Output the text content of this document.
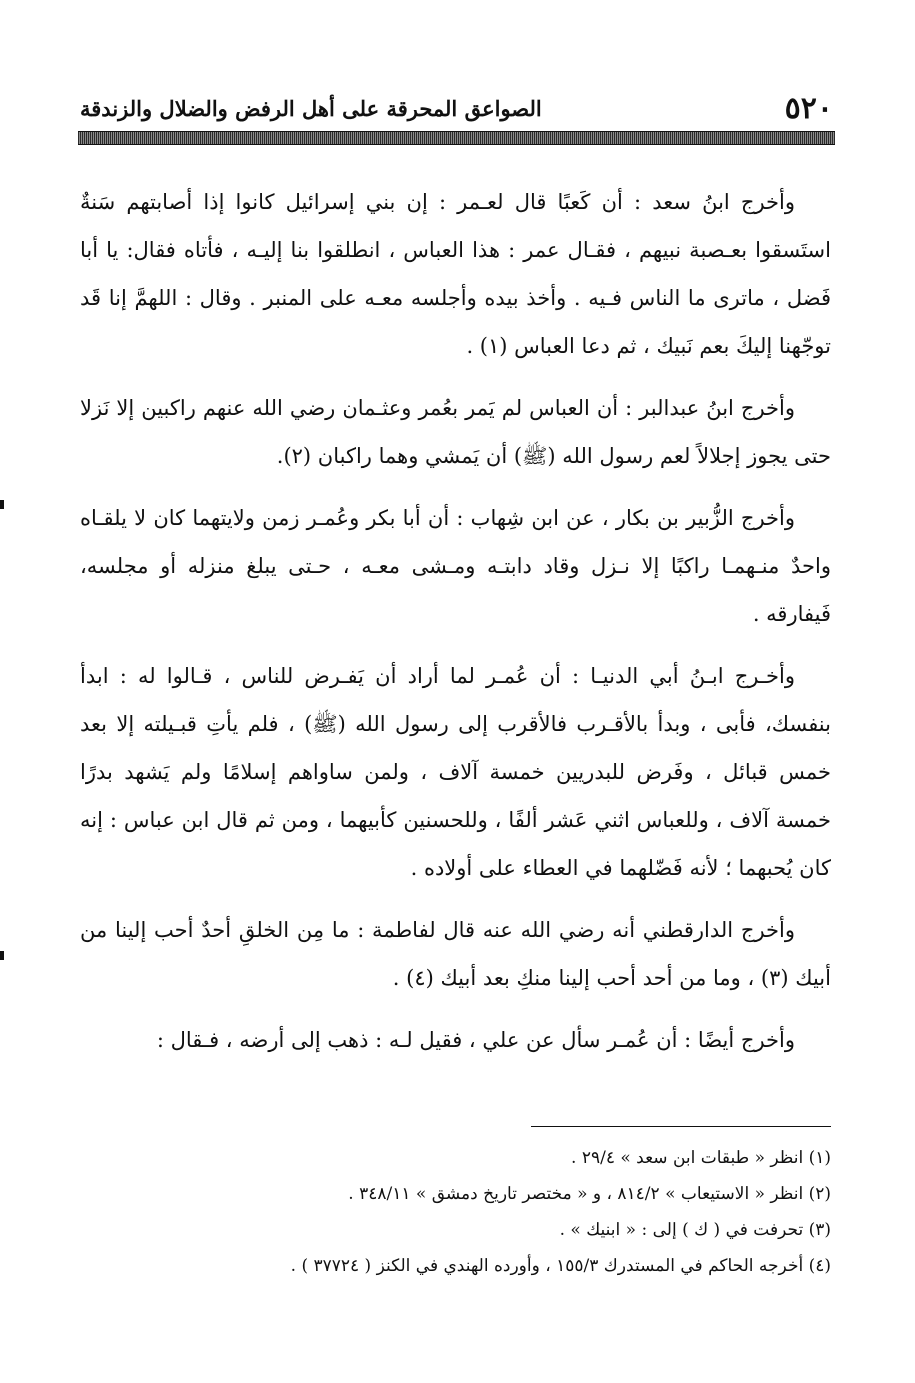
٥٢٠
الصواعق المحرقة على أهل الرفض والضلال والزندقة

وأخرج ابنُ سعد : أن كَعبًا قال لعـمر : إن بني إسرائيل كانوا إذا أصابتهم سَنةٌ استَسقوا بعـصبة نبيهم ، فقـال عمر : هذا العباس ، انطلقوا بنا إليـه ، فأتاه فقال: يا أبا فَضل ، ماترى ما الناس فـيه . وأخذ بيده وأجلسه معـه على المنبر . وقال : اللهمَّ إنا قَد توجّهنا إليكَ بعم نَبيك ، ثم دعا العباس (١) .

وأخرج ابنُ عبدالبر : أن العباس لم يَمر بعُمر وعثـمان رضي الله عنهم راكبين إلا نَزلا حتى يجوز إجلالاً لعم رسول الله (ﷺ) أن يَمشي وهما راكبان (٢).

وأخرج الزُّبير بن بكار ، عن ابن شِهاب : أن أبا بكر وعُمـر زمن ولايتهما كان لا يلقـاه واحدٌ منـهمـا راكبًا إلا نـزل وقاد دابتـه ومـشى معـه ، حـتى يبلغ منزله أو مجلسه، فَيفارقه .

وأخـرج ابـنُ أبي الدنيـا : أن عُمـر لما أراد أن يَفـرض للناس ، قـالوا له : ابدأ بنفسك، فأبى ، وبدأ بالأقـرب فالأقرب إلى رسول الله (ﷺ) ، فلم يأتِ قبـيلته إلا بعد خمس قبائل ، وفَرض للبدريين خمسة آلاف ، ولمن ساواهم إسلامًا ولم يَشهد بدرًا خمسة آلاف ، وللعباس اثني عَشر ألفًا ، وللحسنين كأبيهما ، ومن ثم قال ابن عباس : إنه كان يُحبهما ؛ لأنه فَضّلهما في العطاء على أولاده .

وأخرج الدارقطني أنه رضي الله عنه قال لفاطمة : ما مِن الخلقِ أحدٌ أحب إلينا من أبيك (٣) ، وما من أحد أحب إلينا منكِ بعد أبيك (٤) .

وأخرج أيضًا : أن عُمـر سأل عن علي ، فقيل لـه : ذهب إلى أرضه ، فـقال :

(١) انظر « طبقات ابن سعد » ٢٩/٤ .

(٢) انظر « الاستيعاب » ٨١٤/٢ ، و « مختصر تاريخ دمشق » ٣٤٨/١١ .

(٣) تحرفت في ( ك ) إلى : « ابنيك » .

(٤) أخرجه الحاكم في المستدرك ١٥٥/٣ ، وأورده الهندي في الكنز ( ٣٧٧٢٤ ) .
